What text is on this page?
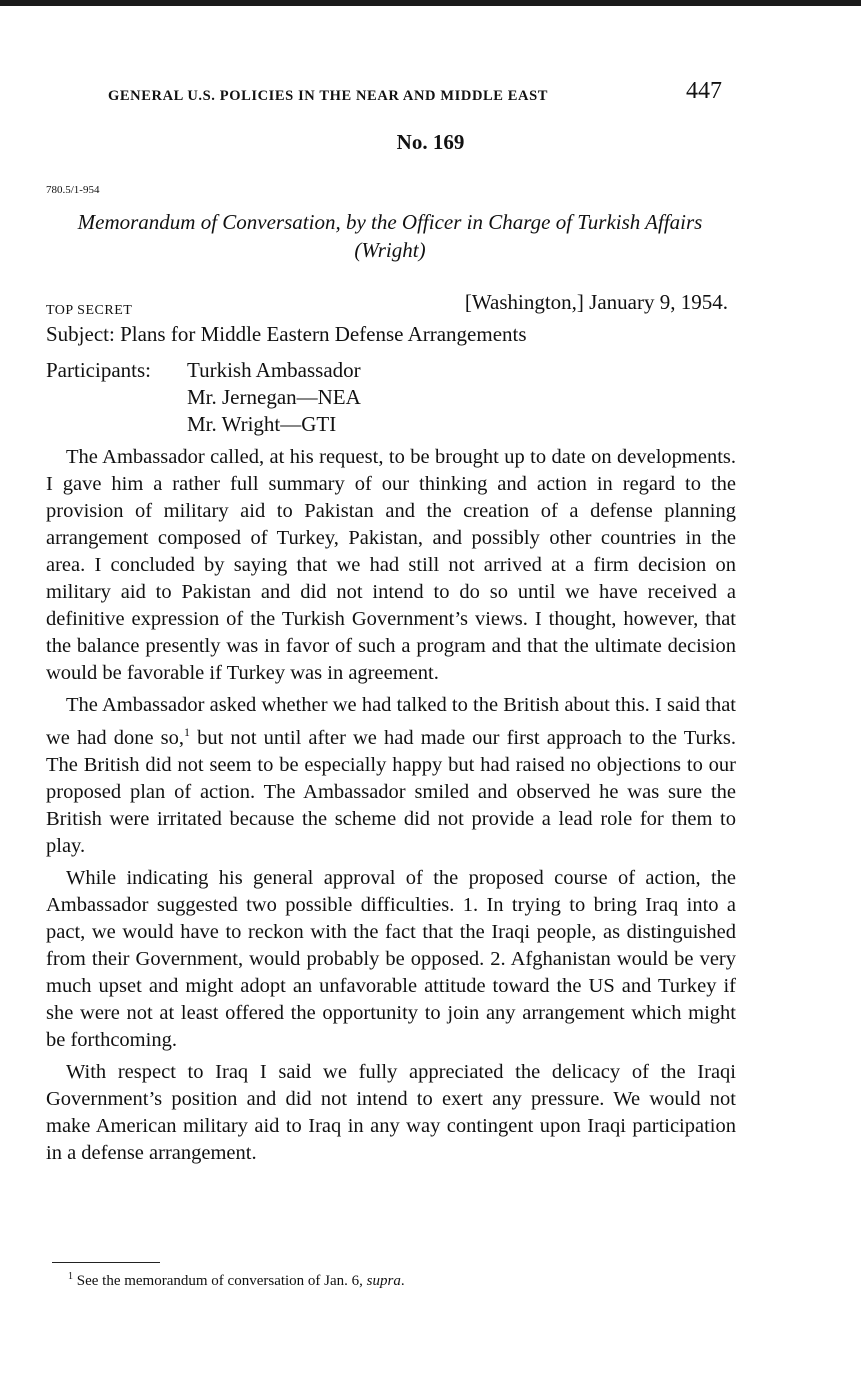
GENERAL U.S. POLICIES IN THE NEAR AND MIDDLE EAST	447
No. 169
780.5/1-954
Memorandum of Conversation, by the Officer in Charge of Turkish Affairs (Wright)
TOP SECRET	[Washington,] January 9, 1954.
Subject: Plans for Middle Eastern Defense Arrangements
Participants: Turkish Ambassador
Mr. Jernegan—NEA
Mr. Wright—GTI

The Ambassador called, at his request, to be brought up to date on developments. I gave him a rather full summary of our thinking and action in regard to the provision of military aid to Pakistan and the creation of a defense planning arrangement composed of Turkey, Pakistan, and possibly other countries in the area. I concluded by saying that we had still not arrived at a firm decision on military aid to Pakistan and did not intend to do so until we have received a definitive expression of the Turkish Government’s views. I thought, however, that the balance presently was in favor of such a program and that the ultimate decision would be favorable if Turkey was in agreement.

The Ambassador asked whether we had talked to the British about this. I said that we had done so,$^1$ but not until after we had made our first approach to the Turks. The British did not seem to be especially happy but had raised no objections to our proposed plan of action. The Ambassador smiled and observed he was sure the British were irritated because the scheme did not provide a lead role for them to play.

While indicating his general approval of the proposed course of action, the Ambassador suggested two possible difficulties. 1. In trying to bring Iraq into a pact, we would have to reckon with the fact that the Iraqi people, as distinguished from their Government, would probably be opposed. 2. Afghanistan would be very much upset and might adopt an unfavorable attitude toward the US and Turkey if she were not at least offered the opportunity to join any arrangement which might be forthcoming.

With respect to Iraq I said we fully appreciated the delicacy of the Iraqi Government’s position and did not intend to exert any pressure. We would not make American military aid to Iraq in any way contingent upon Iraqi participation in a defense arrangement.

$^1$ See the memorandum of conversation of Jan. 6, supra.
